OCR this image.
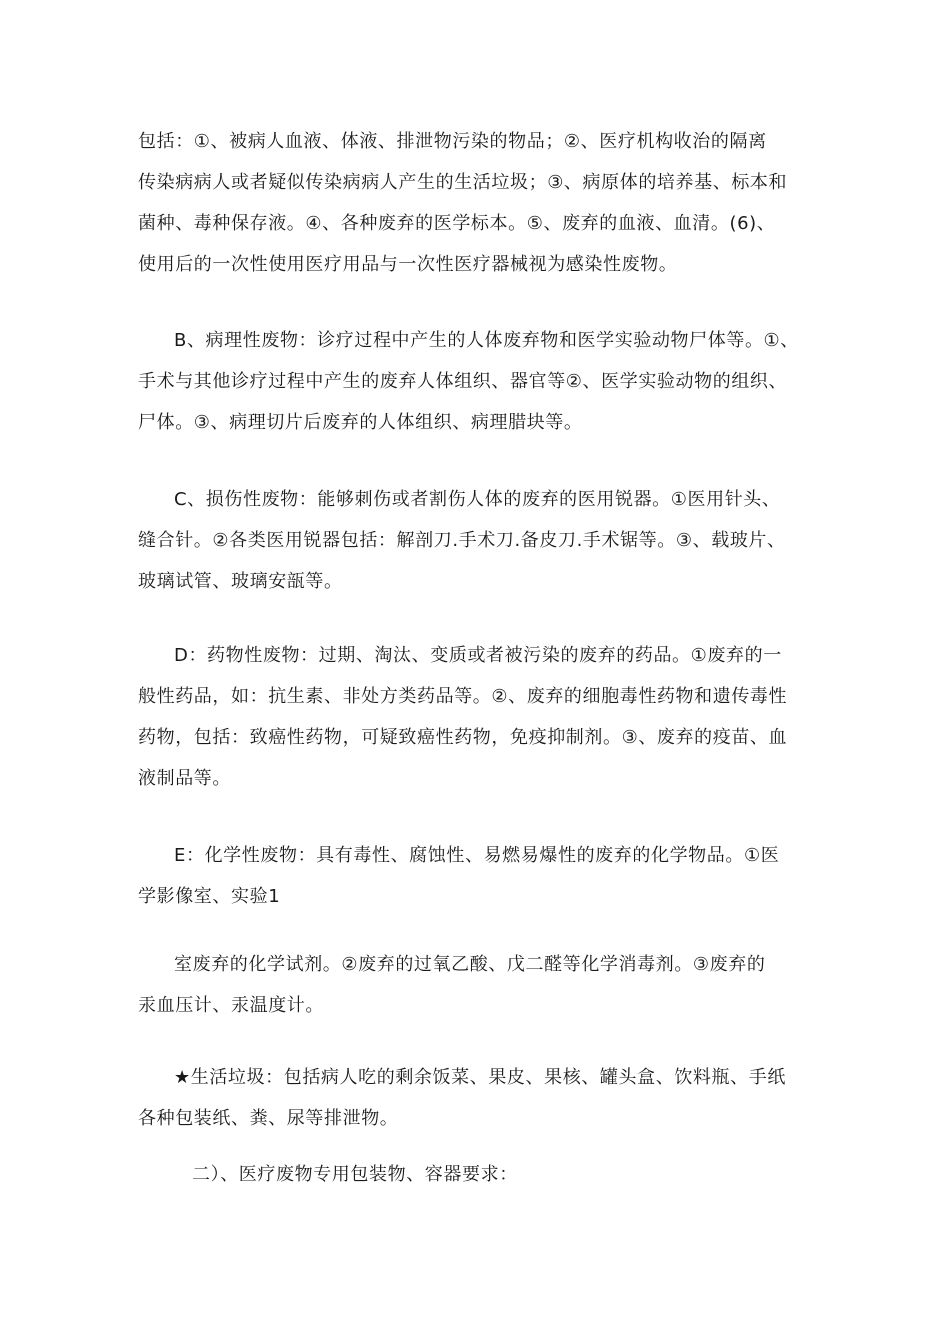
包括：①、被病人血液、体液、排泄物污染的物品；②、医疗机构收治的隔离
传染病病人或者疑似传染病病人产生的生活垃圾；③、病原体的培养基、标本和
菌种、毒种保存液。④、各种废弃的医学标本。⑤、废弃的血液、血清。(6)、
使用后的一次性使用医疗用品与一次性医疗器械视为感染性废物。

B、病理性废物：诊疗过程中产生的人体废弃物和医学实验动物尸体等。①、
手术与其他诊疗过程中产生的废弃人体组织、器官等②、医学实验动物的组织、
尸体。③、病理切片后废弃的人体组织、病理腊块等。

C、损伤性废物：能够刺伤或者割伤人体的废弃的医用锐器。①医用针头、
缝合针。②各类医用锐器包括：解剖刀.手术刀.备皮刀.手术锯等。③、载玻片、
玻璃试管、玻璃安瓿等。

D：药物性废物：过期、淘汰、变质或者被污染的废弃的药品。①废弃的一
般性药品，如：抗生素、非处方类药品等。②、废弃的细胞毒性药物和遗传毒性
药物，包括：致癌性药物，可疑致癌性药物，免疫抑制剂。③、废弃的疫苗、血
液制品等。

E：化学性废物：具有毒性、腐蚀性、易燃易爆性的废弃的化学物品。①医
学影像室、实验1

室废弃的化学试剂。②废弃的过氧乙酸、戊二醛等化学消毒剂。③废弃的
汞血压计、汞温度计。

★生活垃圾：包括病人吃的剩余饭菜、果皮、果核、罐头盒、饮料瓶、手纸
各种包装纸、粪、尿等排泄物。

二）、医疗废物专用包装物、容器要求：
